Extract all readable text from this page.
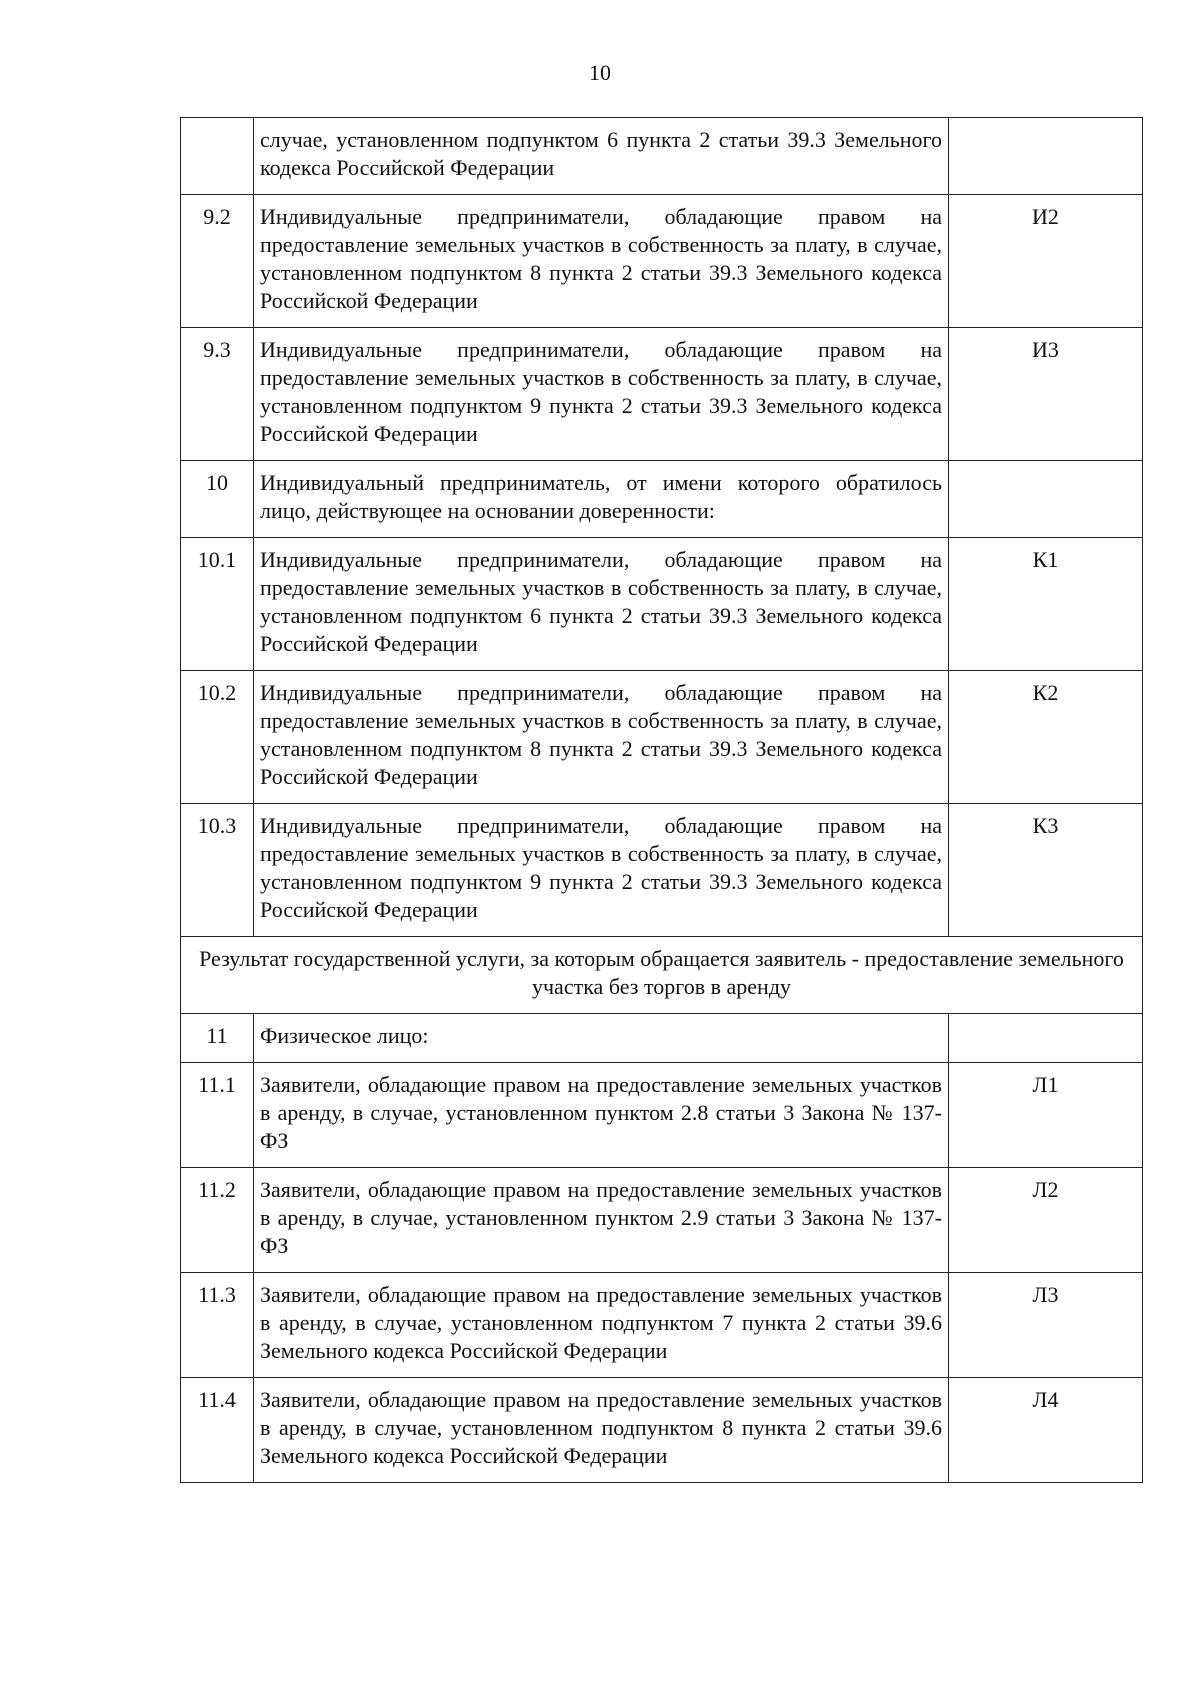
10
	случае, установленном подпунктом 6 пункта 2 статьи 39.3 Земельного кодекса Российской Федерации	
9.2	Индивидуальные предприниматели, обладающие правом на предоставление земельных участков в собственность за плату, в случае, установленном подпунктом 8 пункта 2 статьи 39.3 Земельного кодекса Российской Федерации	И2
9.3	Индивидуальные предприниматели, обладающие правом на предоставление земельных участков в собственность за плату, в случае, установленном подпунктом 9 пункта 2 статьи 39.3 Земельного кодекса Российской Федерации	И3
10	Индивидуальный предприниматель, от имени которого обратилось лицо, действующее на основании доверенности:	
10.1	Индивидуальные предприниматели, обладающие правом на предоставление земельных участков в собственность за плату, в случае, установленном подпунктом 6 пункта 2 статьи 39.3 Земельного кодекса Российской Федерации	К1
10.2	Индивидуальные предприниматели, обладающие правом на предоставление земельных участков в собственность за плату, в случае, установленном подпунктом 8 пункта 2 статьи 39.3 Земельного кодекса Российской Федерации	К2
10.3	Индивидуальные предприниматели, обладающие правом на предоставление земельных участков в собственность за плату, в случае, установленном подпунктом 9 пункта 2 статьи 39.3 Земельного кодекса Российской Федерации	К3
Результат государственной услуги, за которым обращается заявитель - предоставление земельного участка без торгов в аренду		
11	Физическое лицо:	
11.1	Заявители, обладающие правом на предоставление земельных участков в аренду, в случае, установленном пунктом 2.8 статьи 3 Закона № 137-ФЗ	Л1
11.2	Заявители, обладающие правом на предоставление земельных участков в аренду, в случае, установленном пунктом 2.9 статьи 3 Закона № 137-ФЗ	Л2
11.3	Заявители, обладающие правом на предоставление земельных участков в аренду, в случае, установленном подпунктом 7 пункта 2 статьи 39.6 Земельного кодекса Российской Федерации	Л3
11.4	Заявители, обладающие правом на предоставление земельных участков в аренду, в случае, установленном подпунктом 8 пункта 2 статьи 39.6 Земельного кодекса Российской Федерации	Л4
